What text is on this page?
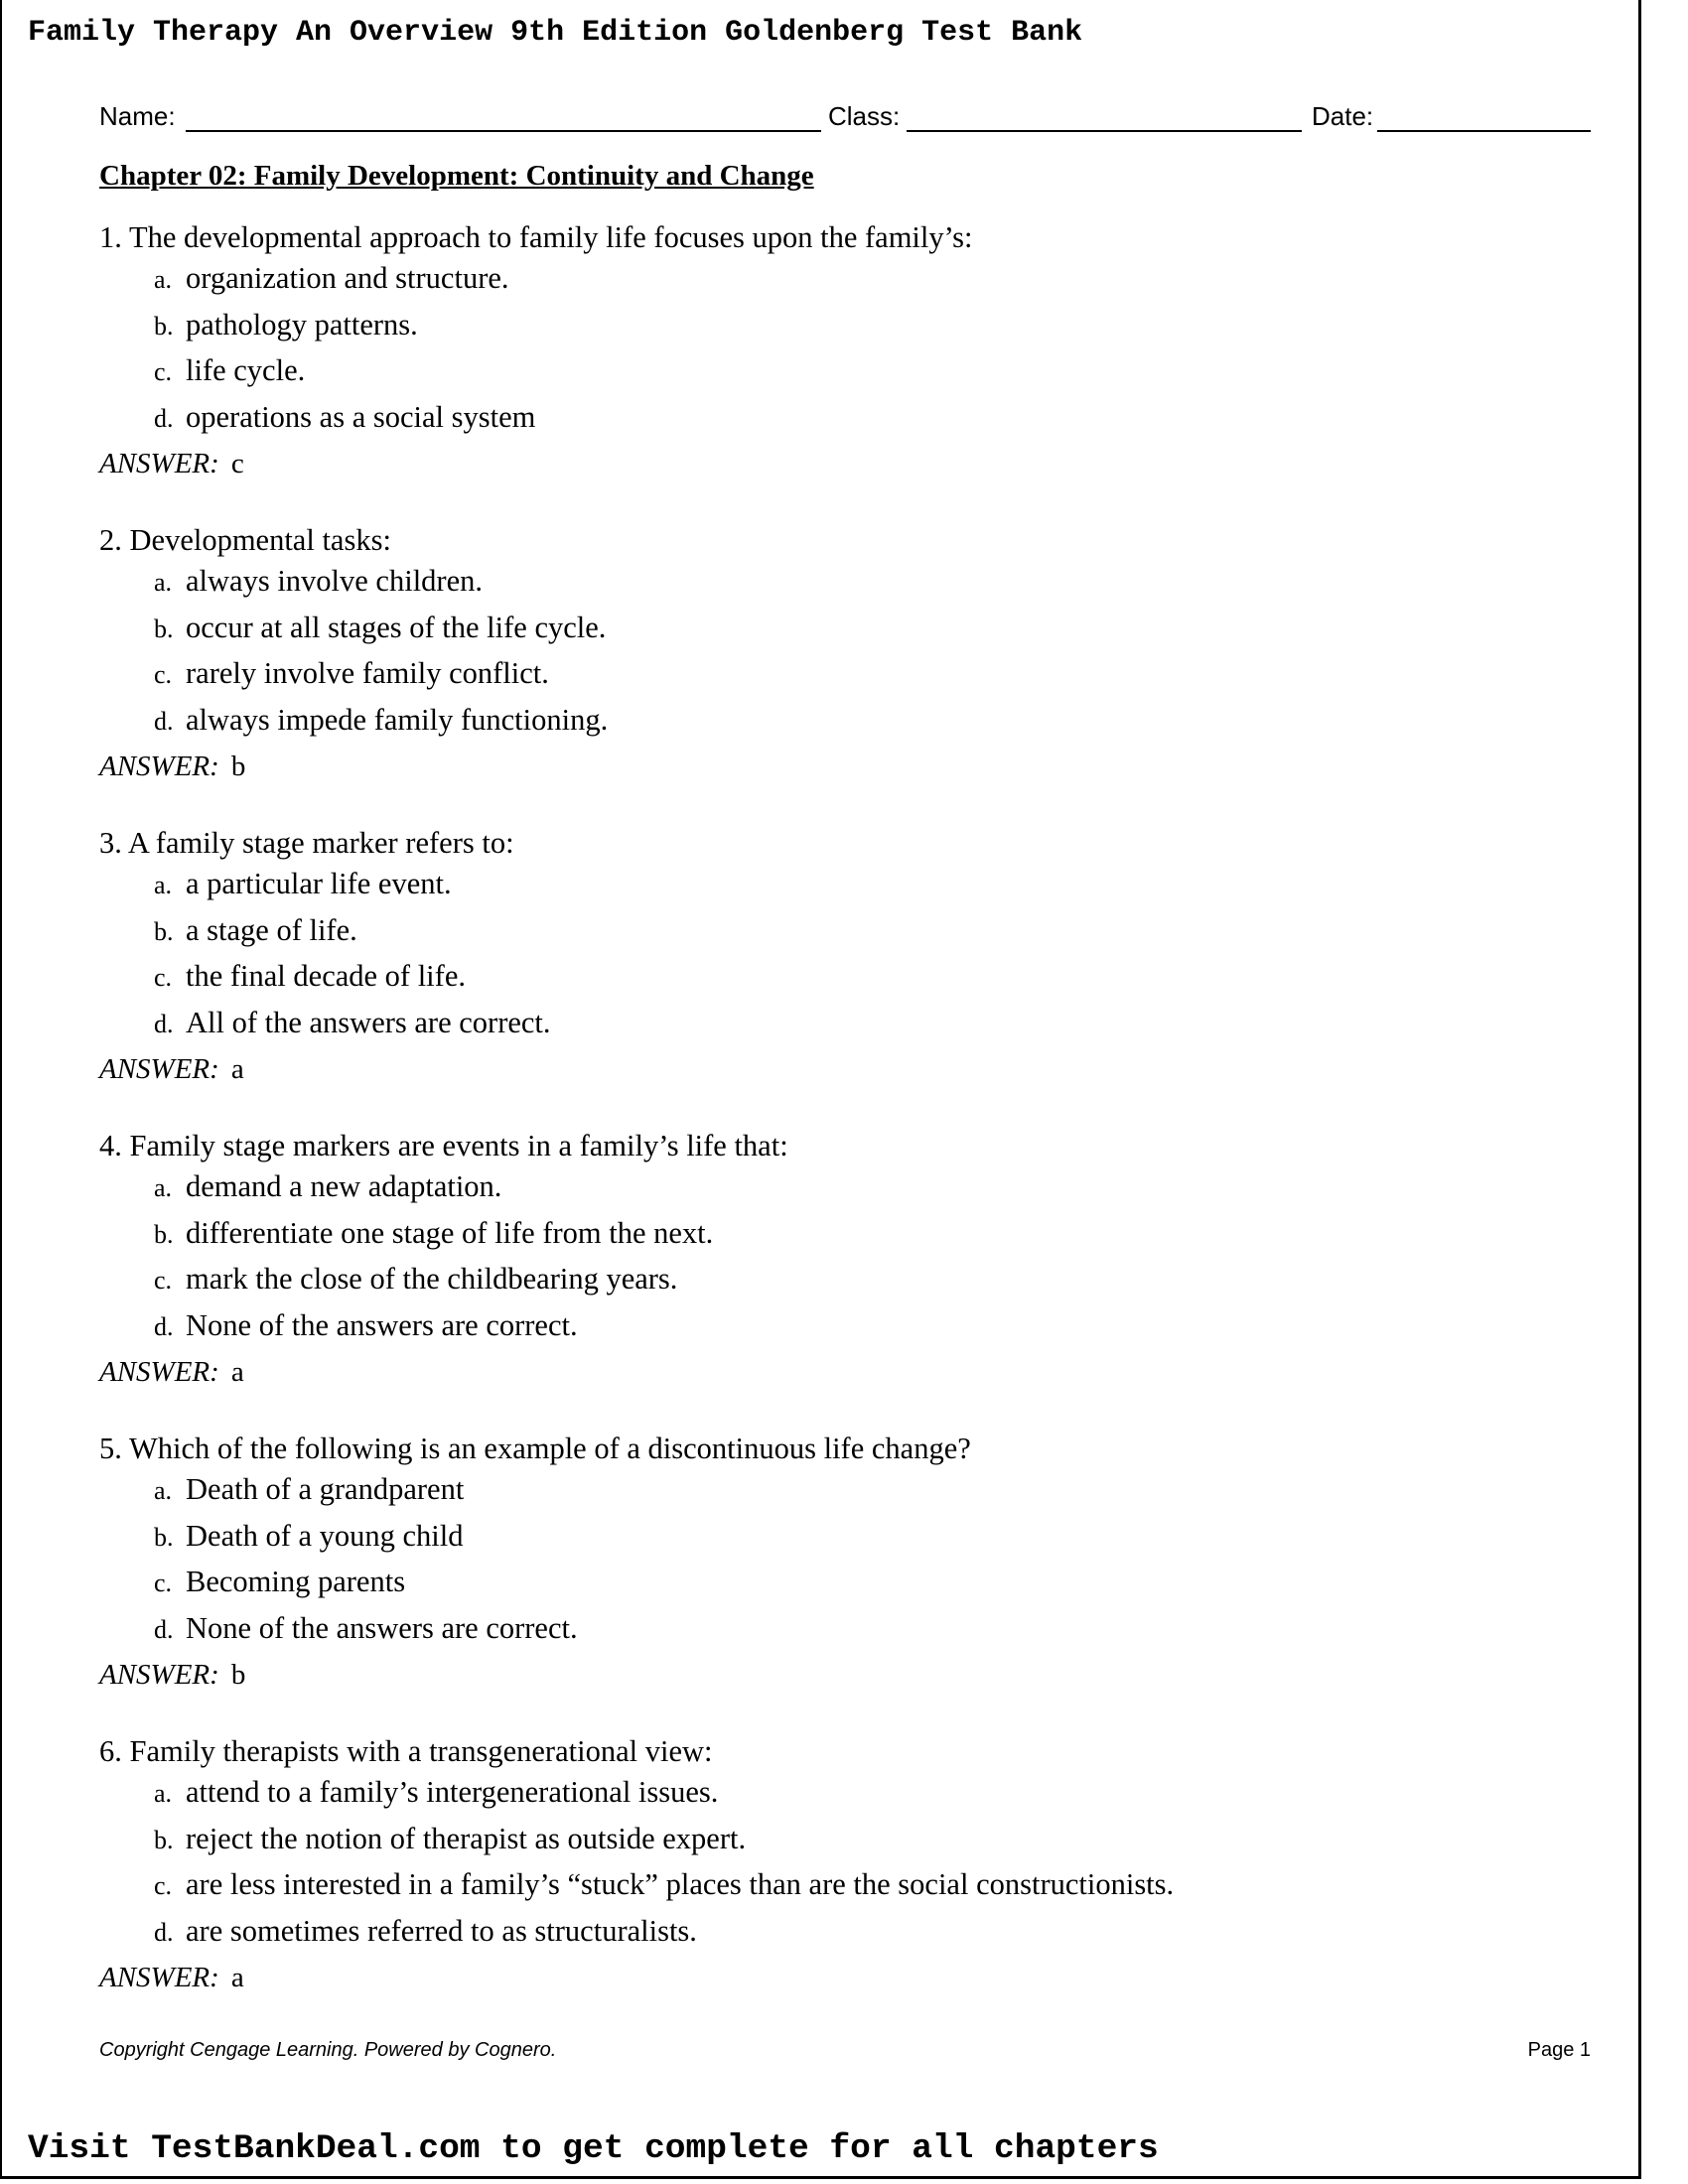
Family Therapy An Overview 9th Edition Goldenberg Test Bank
Name:	Class:	Date:
Chapter 02: Family Development: Continuity and Change
1. The developmental approach to family life focuses upon the family’s:
a. organization and structure.
b. pathology patterns.
c. life cycle.
d. operations as a social system
ANSWER: c
2. Developmental tasks:
a. always involve children.
b. occur at all stages of the life cycle.
c. rarely involve family conflict.
d. always impede family functioning.
ANSWER: b
3. A family stage marker refers to:
a. a particular life event.
b. a stage of life.
c. the final decade of life.
d. All of the answers are correct.
ANSWER: a
4. Family stage markers are events in a family’s life that:
a. demand a new adaptation.
b. differentiate one stage of life from the next.
c. mark the close of the childbearing years.
d. None of the answers are correct.
ANSWER: a
5. Which of the following is an example of a discontinuous life change?
a. Death of a grandparent
b. Death of a young child
c. Becoming parents
d. None of the answers are correct.
ANSWER: b
6. Family therapists with a transgenerational view:
a. attend to a family’s intergenerational issues.
b. reject the notion of therapist as outside expert.
c. are less interested in a family’s “stuck” places than are the social constructionists.
d. are sometimes referred to as structuralists.
ANSWER: a
Copyright Cengage Learning. Powered by Cognero.	Page 1
Visit TestBankDeal.com to get complete for all chapters
